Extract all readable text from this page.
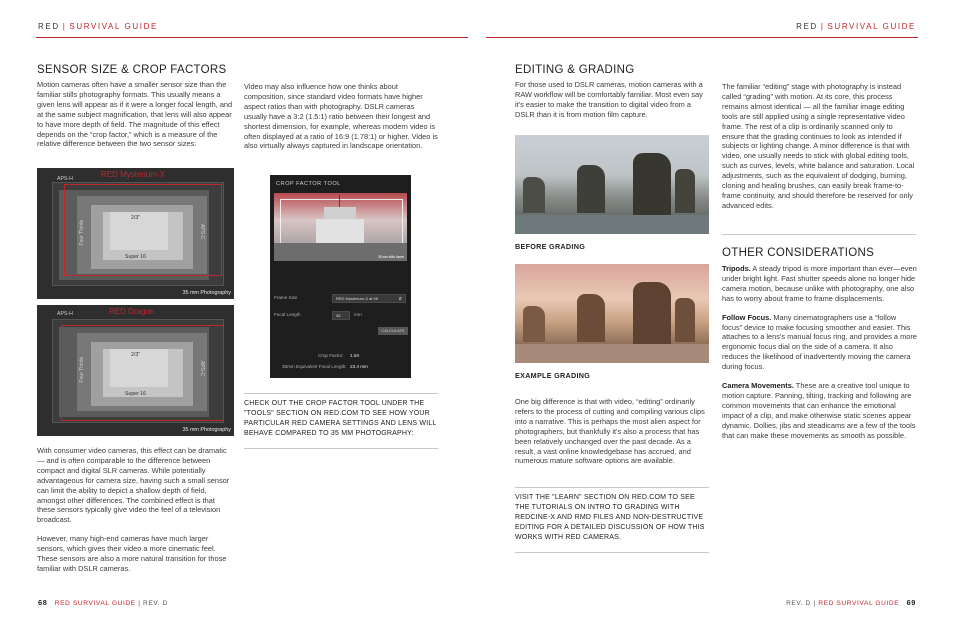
RED | SURVIVAL GUIDE	RED | SURVIVAL GUIDE
SENSOR SIZE & CROP FACTORS

Motion cameras often have a smaller sensor size than the familiar stills photography formats. This usually means a given lens will appear as if it were a longer focal length, and at the same subject magnification, that lens will also appear to have more depth of field. The magnitude of this effect depends on the “crop factor,” which is a measure of the relative difference between the two sensor sizes:

RED Mysterium-X
APS-H
2/3"
Super 16
Four Thirds	APS-C
35 mm Photography
RED Dragon
APS-H
2/3"
Super 16
Four Thirds	APS-C
35 mm Photography

With consumer video cameras, this effect can be dramatic — and is often comparable to the difference between compact and digital SLR cameras. While potentially advantageous for camera size, having such a small sensor can limit the ability to depict a shallow depth of field, amongst other differences. The combined effect is that these sensors typically give video the feel of a television broadcast.

However, many high-end cameras have much larger sensors, which gives their video a more cinematic feel. These sensors are also a more natural transition for those familiar with DSLR cameras.

Video may also influence how one thinks about composition, since standard video formats have higher aspect ratios than with photography. DSLR cameras usually have a 3:2 (1.5:1) ratio between their longest and shortest dimension, for example, whereas modern video is often displayed at a ratio of 16:9 (1.78:1) or higher. Video is also virtually always captured in landscape orientation.

CROP FACTOR TOOL
35 mm stills frame
Frame Size	RED Mysterium-X at 5K	⇵
Focal Length	35	mm
CALCULATE
Crop Factor: 1.5X
35mm Equivalent Focal Length: 23.4 mm
CHECK OUT THE CROP FACTOR TOOL UNDER THE "TOOLS" SECTION ON RED.COM TO SEE HOW YOUR PARTICULAR RED CAMERA SETTINGS AND LENS WILL BEHAVE COMPARED TO 35 MM PHOTOGRAPHY:
EDITING & GRADING

For those used to DSLR cameras, motion cameras with a RAW workflow will be comfortably familiar. Most even say it's easier to make the transition to digital video from a DSLR than it is from motion film capture.

BEFORE GRADING
EXAMPLE GRADING

One big difference is that with video, “editing” ordinarily refers to the process of cutting and compiling various clips into a narrative. This is perhaps the most alien aspect for photographers, but thankfully it's also a process that has been relatively unchanged over the past decade. As a result, a vast online knowledgebase has accrued, and numerous mature software options are available.

VISIT THE "LEARN" SECTION ON RED.COM TO SEE THE TUTORIALS ON INTRO TO GRADING WITH REDCINE-X AND RMD FILES AND NON-DESTRUCTIVE EDITING FOR A DETAILED DISCUSSION OF HOW THIS WORKS WITH RED CAMERAS.

The familiar “editing” stage with photography is instead called “grading” with motion. At its core, this process remains almost identical — all the familiar image editing tools are still applied using a single representative video frame. The rest of a clip is ordinarily scanned only to ensure that the grading continues to look as intended if subjects or lighting change. A minor difference is that with video, one usually needs to stick with global editing tools, such as curves, levels, white balance and saturation. Local adjustments, such as the equivalent of dodging, burning, cloning and healing brushes, can easily break frame-to-frame continuity, and should therefore be reserved for only advanced edits.

OTHER CONSIDERATIONS

Tripods. A steady tripod is more important than ever—even under bright light. Fast shutter speeds alone no longer hide camera motion, because unlike with photography, one also has to worry about frame to frame displacements.

Follow Focus. Many cinematographers use a “follow focus” device to make focusing smoother and easier. This attaches to a lens's manual focus ring, and provides a more ergonomic focus dial on the side of a camera. It also reduces the likelihood of inadvertently moving the camera during focus.

Camera Movements. These are a creative tool unique to motion capture. Panning, tilting, tracking and following are common movements that can enhance the emotional impact of a clip, and make otherwise static scenes appear dynamic. Dollies, jibs and steadicams are a few of the tools that can make these movements as smooth as possible.

68 RED SURVIVAL GUIDE | REV. D	REV. D | RED SURVIVAL GUIDE 69
